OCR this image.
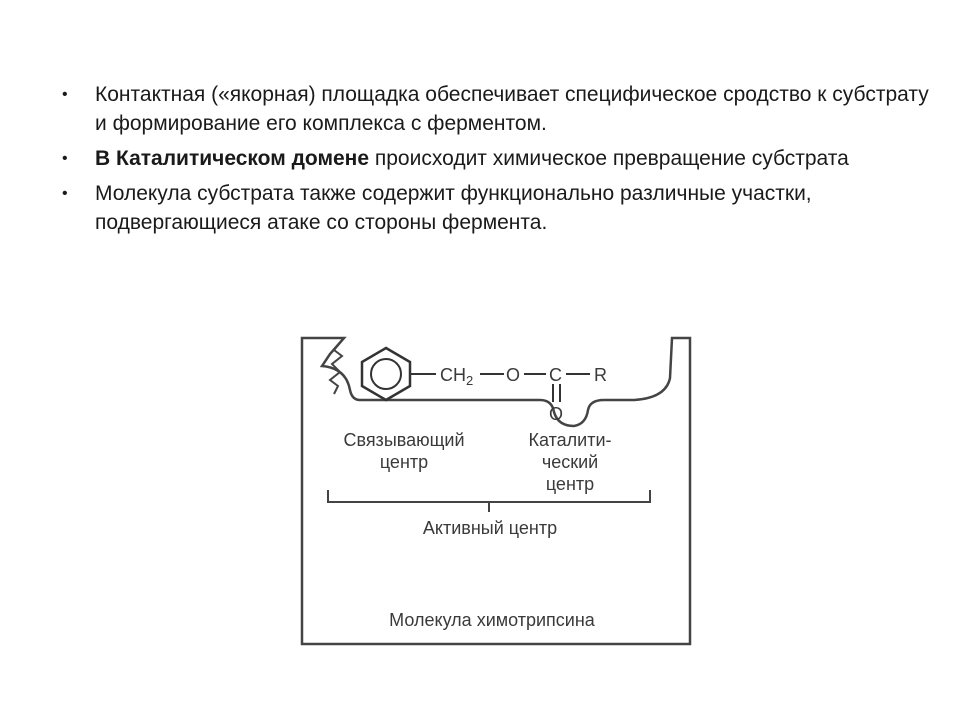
• Контактная («якорная) площадка обеспечивает специфическое сродство к субстрату и формирование его комплекса с ферментом.
• В Каталитическом домене происходит химическое превращение субстрата
• Молекула субстрата также содержит функционально различные участки, подвергающиеся атаке со стороны фермента.
$CH_2$ O C R
O
Связывающий
центр
Каталити-
ческий
центр
Активный центр
Молекула химотрипсина
